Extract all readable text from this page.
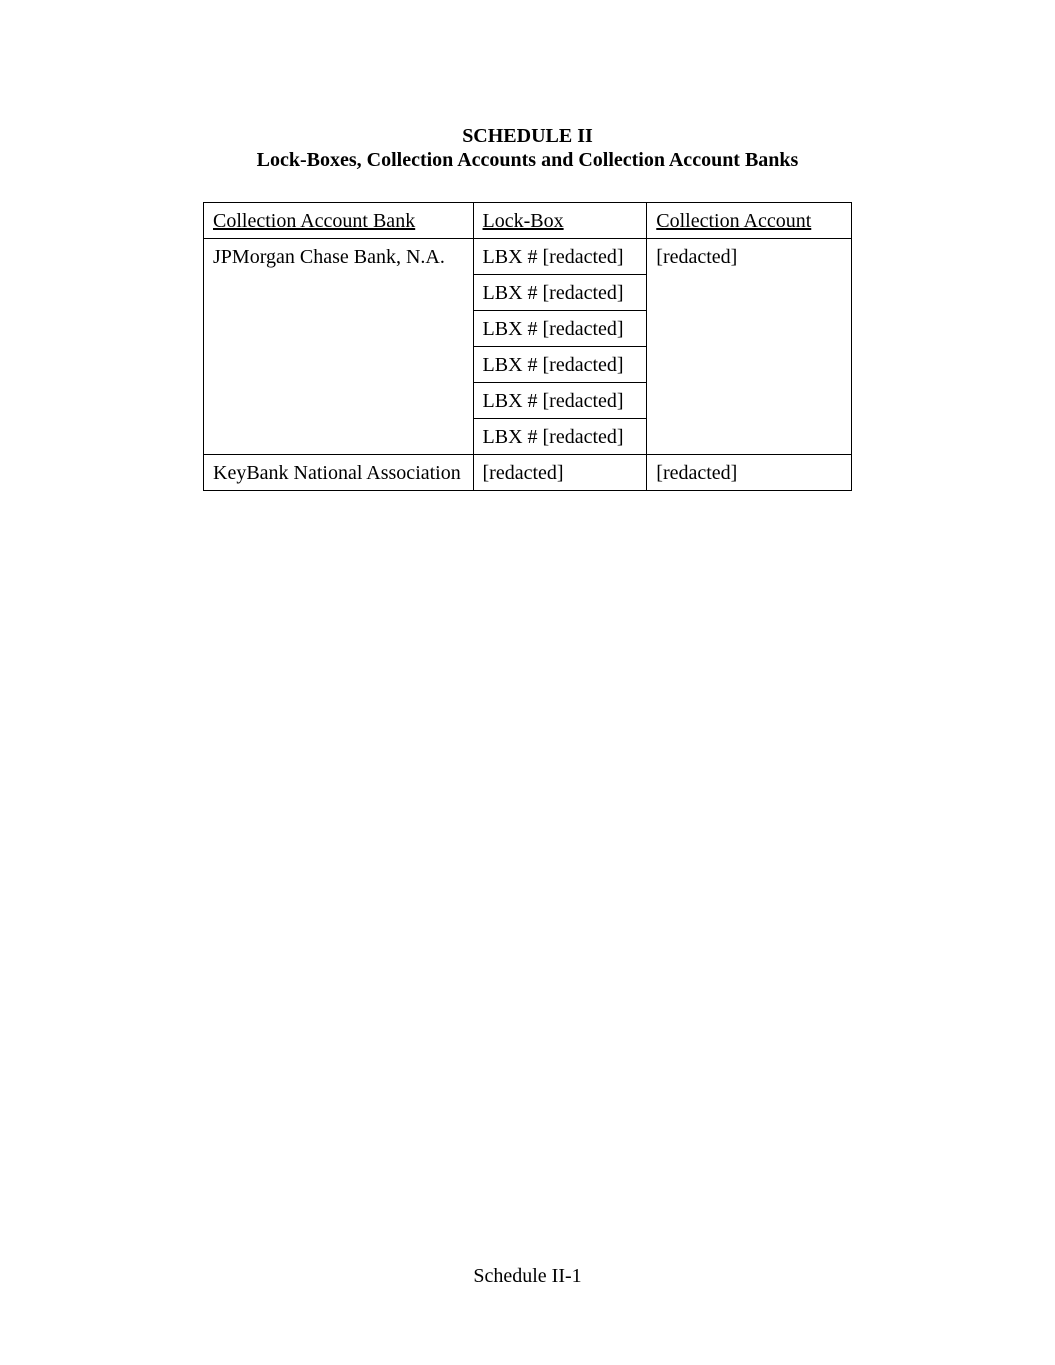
SCHEDULE II
Lock-Boxes, Collection Accounts and Collection Account Banks
Collection Account Bank	Lock-Box	Collection Account
JPMorgan Chase Bank, N.A.	LBX # [redacted]	[redacted]
	LBX # [redacted]	
	LBX # [redacted]	
	LBX # [redacted]	
	LBX # [redacted]	
	LBX # [redacted]	
KeyBank National Association	[redacted]	[redacted]
Schedule II-1
